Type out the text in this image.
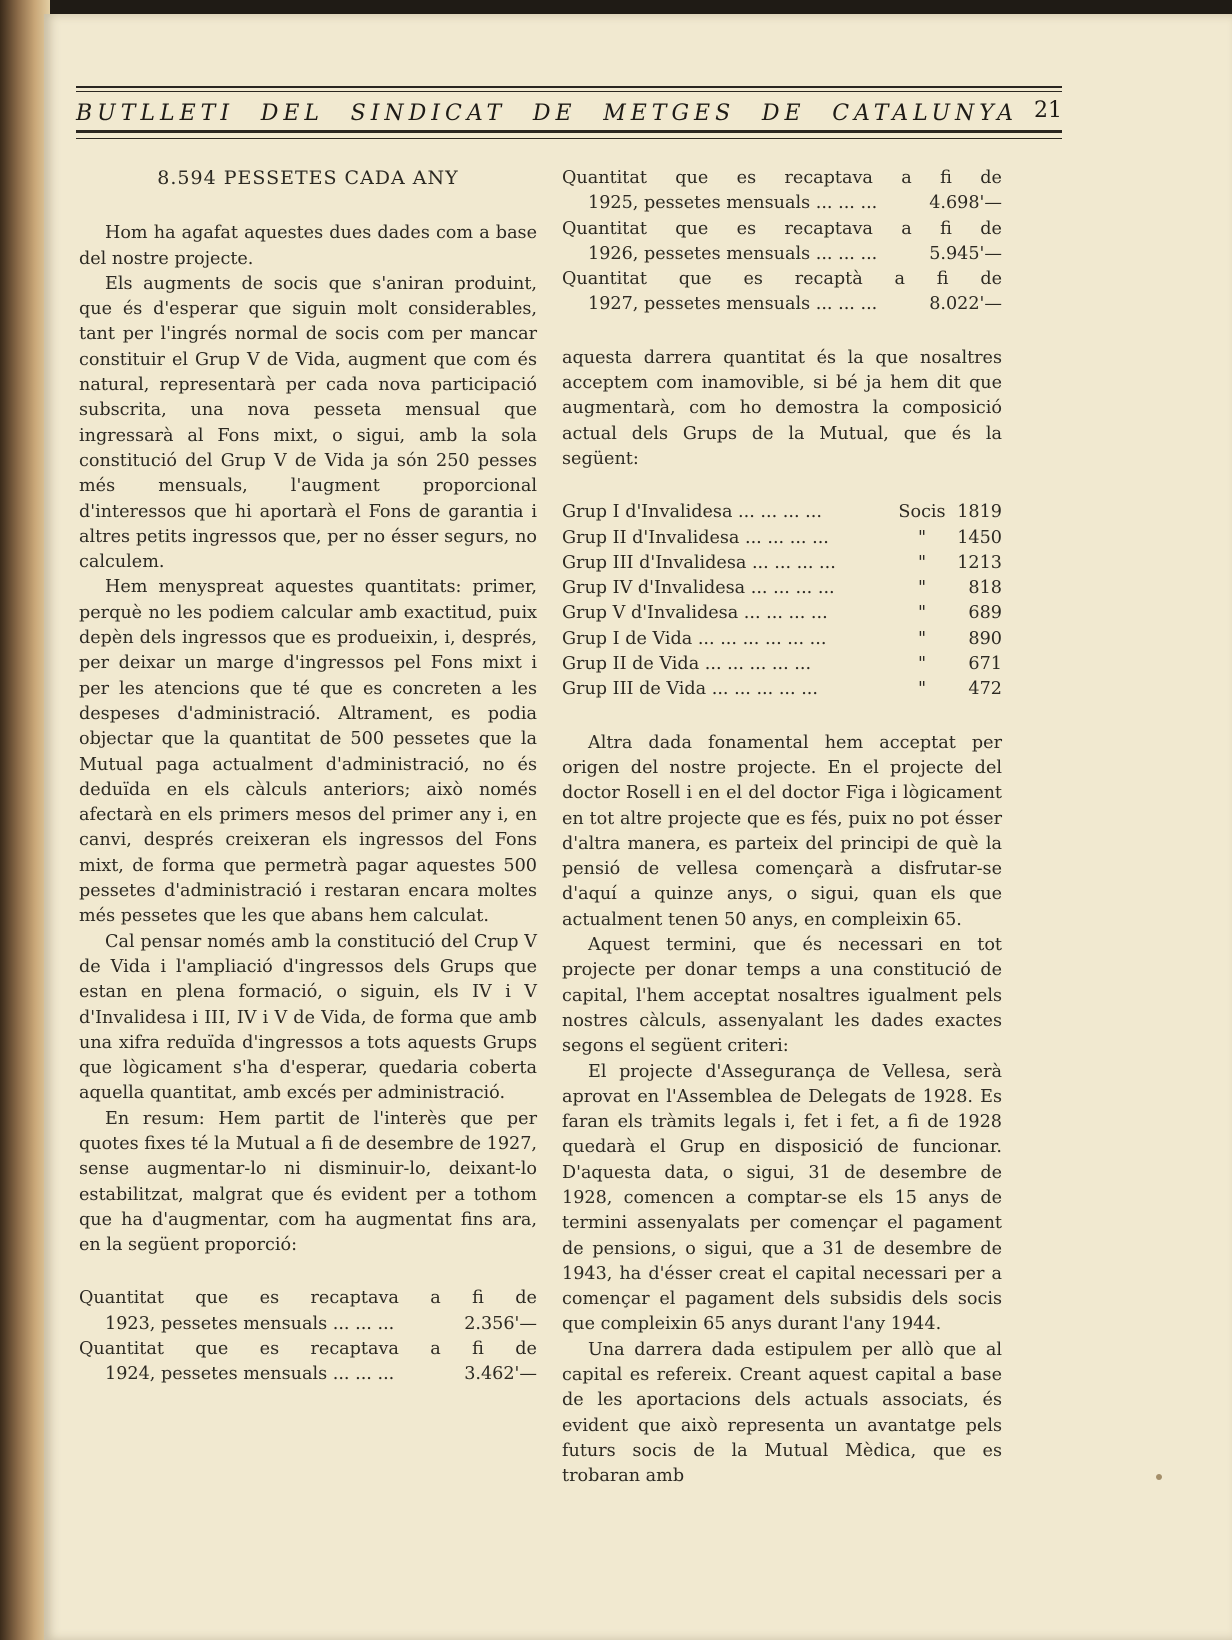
BUTLLETI DEL SINDICAT DE METGES DE CATALUNYA 21
8.594 PESSETES CADA ANY

Hom ha agafat aquestes dues dades com a base del nostre projecte.

Els augments de socis que s'aniran produint, que és d'esperar que siguin molt considerables, tant per l'ingrés normal de socis com per mancar constituir el Grup V de Vida, augment que com és natural, representarà per cada nova participació subscrita, una nova pesseta mensual que ingressarà al Fons mixt, o sigui, amb la sola constitució del Grup V de Vida ja són 250 pesses més mensuals, l'augment proporcional d'interessos que hi aportarà el Fons de garantia i altres petits ingressos que, per no ésser segurs, no calculem.

Hem menyspreat aquestes quantitats: primer, perquè no les podiem calcular amb exactitud, puix depèn dels ingressos que es produeixin, i, després, per deixar un marge d'ingressos pel Fons mixt i per les atencions que té que es concreten a les despeses d'administració. Altrament, es podia objectar que la quantitat de 500 pessetes que la Mutual paga actualment d'administració, no és deduïda en els càlculs anteriors; això només afectarà en els primers mesos del primer any i, en canvi, després creixeran els ingressos del Fons mixt, de forma que permetrà pagar aquestes 500 pessetes d'administració i restaran encara moltes més pessetes que les que abans hem calculat.

Cal pensar només amb la constitució del Crup V de Vida i l'ampliació d'ingressos dels Grups que estan en plena formació, o siguin, els IV i V d'Invalidesa i III, IV i V de Vida, de forma que amb una xifra reduïda d'ingressos a tots aquests Grups que lògicament s'ha d'esperar, quedaria coberta aquella quantitat, amb excés per administració.

En resum: Hem partit de l'interès que per quotes fixes té la Mutual a fi de desembre de 1927, sense augmentar-lo ni disminuir-lo, deixant-lo estabilitzat, malgrat que és evident per a tothom que ha d'augmentar, com ha augmentat fins ara, en la següent proporció:

Quantitat que es recaptava a fi de
1923, pessetes mensuals ... ... ...	2.356'—
Quantitat que es recaptava a fi de
1924, pessetes mensuals ... ... ...	3.462'—
Quantitat que es recaptava a fi de
1925, pessetes mensuals ... ... ...	4.698'—
Quantitat que es recaptava a fi de
1926, pessetes mensuals ... ... ...	5.945'—
Quantitat que es recaptà a fi de
1927, pessetes mensuals ... ... ...	8.022'—

aquesta darrera quantitat és la que nosaltres acceptem com inamovible, si bé ja hem dit que augmentarà, com ho demostra la composició actual dels Grups de la Mutual, que és la següent:

Grup I d'Invalidesa ... ... ... ...	Socis 1819
Grup II d'Invalidesa ... ... ... ...	"	1450
Grup III d'Invalidesa ... ... ... ...	"	1213
Grup IV d'Invalidesa ... ... ... ...	"	818
Grup V d'Invalidesa ... ... ... ...	"	689
Grup I de Vida ... ... ... ... ... ...	"	890
Grup II de Vida ... ... ... ... ...	"	671
Grup III de Vida ... ... ... ... ...	"	472

Altra dada fonamental hem acceptat per origen del nostre projecte. En el projecte del doctor Rosell i en el del doctor Figa i lògicament en tot altre projecte que es fés, puix no pot ésser d'altra manera, es parteix del principi de què la pensió de vellesa començarà a disfrutar-se d'aquí a quinze anys, o sigui, quan els que actualment tenen 50 anys, en compleixin 65.

Aquest termini, que és necessari en tot projecte per donar temps a una constitució de capital, l'hem acceptat nosaltres igualment pels nostres càlculs, assenyalant les dades exactes segons el següent criteri:

El projecte d'Assegurança de Vellesa, serà aprovat en l'Assemblea de Delegats de 1928. Es faran els tràmits legals i, fet i fet, a fi de 1928 quedarà el Grup en disposició de funcionar. D'aquesta data, o sigui, 31 de desembre de 1928, comencen a comptar-se els 15 anys de termini assenyalats per començar el pagament de pensions, o sigui, que a 31 de desembre de 1943, ha d'ésser creat el capital necessari per a començar el pagament dels subsidis dels socis que compleixin 65 anys durant l'any 1944.

Una darrera dada estipulem per allò que al capital es refereix. Creant aquest capital a base de les aportacions dels actuals associats, és evident que això representa un avantatge pels futurs socis de la Mutual Mèdica, que es trobaran amb
